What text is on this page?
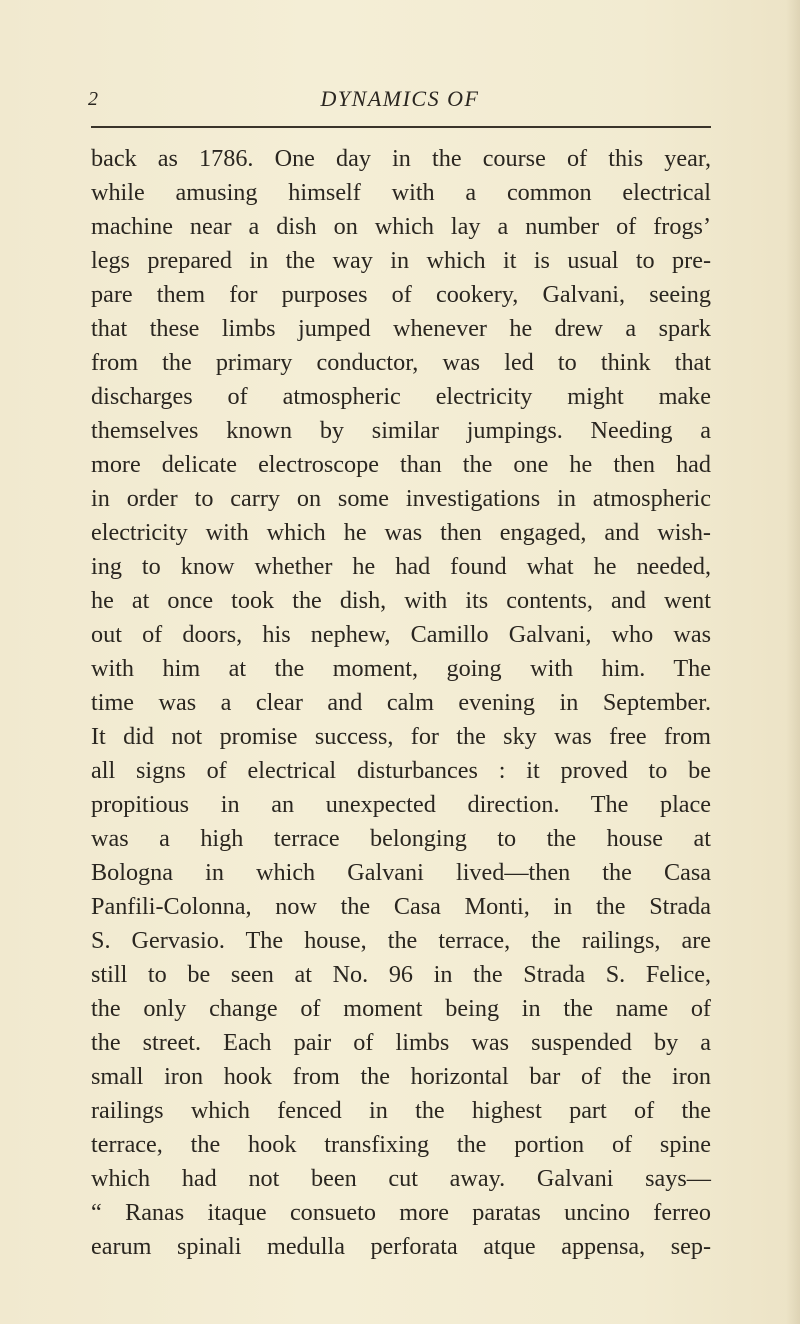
2	DYNAMICS OF
back as 1786. One day in the course of this year,
while amusing himself with a common electrical
machine near a dish on which lay a number of frogs’
legs prepared in the way in which it is usual to pre-
pare them for purposes of cookery, Galvani, seeing
that these limbs jumped whenever he drew a spark
from the primary conductor, was led to think that
discharges of atmospheric electricity might make
themselves known by similar jumpings. Needing a
more delicate electroscope than the one he then had
in order to carry on some investigations in atmospheric
electricity with which he was then engaged, and wish-
ing to know whether he had found what he needed,
he at once took the dish, with its contents, and went
out of doors, his nephew, Camillo Galvani, who was
with him at the moment, going with him. The
time was a clear and calm evening in September.
It did not promise success, for the sky was free from
all signs of electrical disturbances : it proved to be
propitious in an unexpected direction. The place
was a high terrace belonging to the house at
Bologna in which Galvani lived—then the Casa
Panfili-Colonna, now the Casa Monti, in the Strada
S. Gervasio. The house, the terrace, the railings, are
still to be seen at No. 96 in the Strada S. Felice,
the only change of moment being in the name of
the street. Each pair of limbs was suspended by a
small iron hook from the horizontal bar of the iron
railings which fenced in the highest part of the
terrace, the hook transfixing the portion of spine
which had not been cut away. Galvani says—
“ Ranas itaque consueto more paratas uncino ferreo
earum spinali medulla perforata atque appensa, sep-
